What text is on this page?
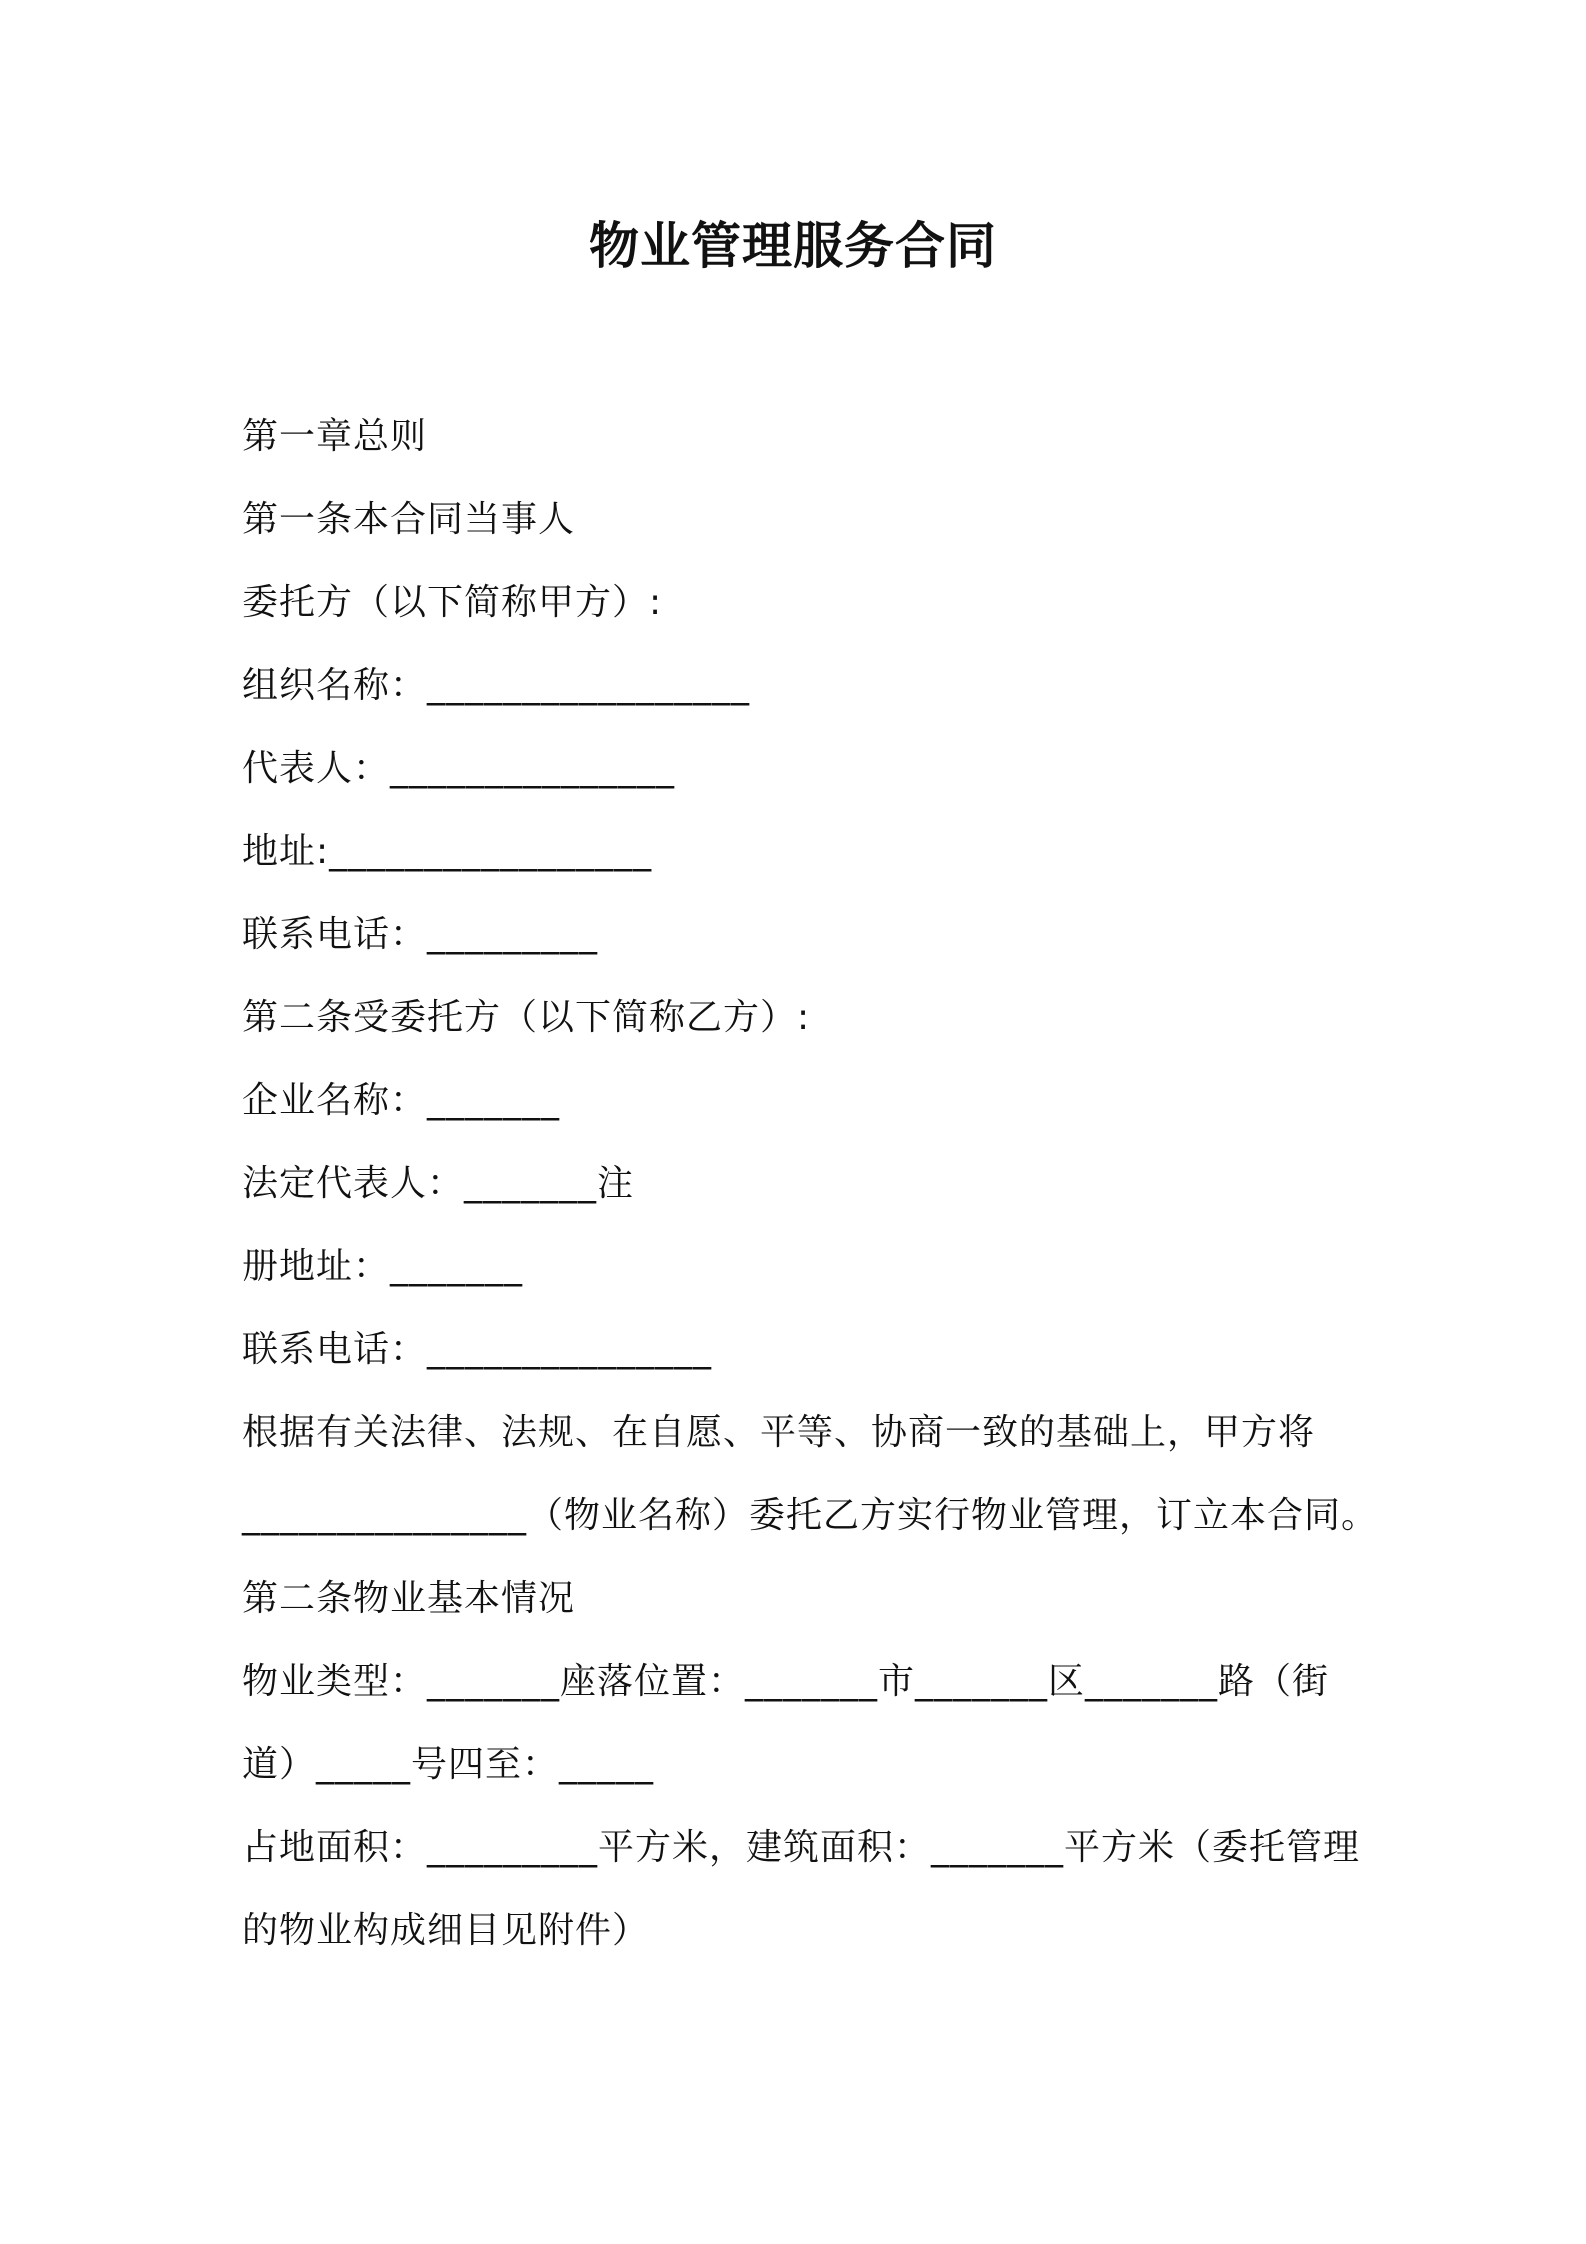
物业管理服务合同
第一章总则
第一条本合同当事人
委托方（以下简称甲方）:
组织名称：_________________
代表人：_______________
地址:_________________
联系电话：_________
第二条受委托方（以下简称乙方）:
企业名称：_______
法定代表人：_______注
册地址：_______
联系电话：_______________
根据有关法律、法规、在自愿、平等、协商一致的基础上，甲方将
_______________（物业名称）委托乙方实行物业管理，订立本合同。
第二条物业基本情况
物业类型：_______座落位置：_______市_______区_______路（街
道）_____号四至：_____
占地面积：_________平方米，建筑面积：_______平方米（委托管理
的物业构成细目见附件）
